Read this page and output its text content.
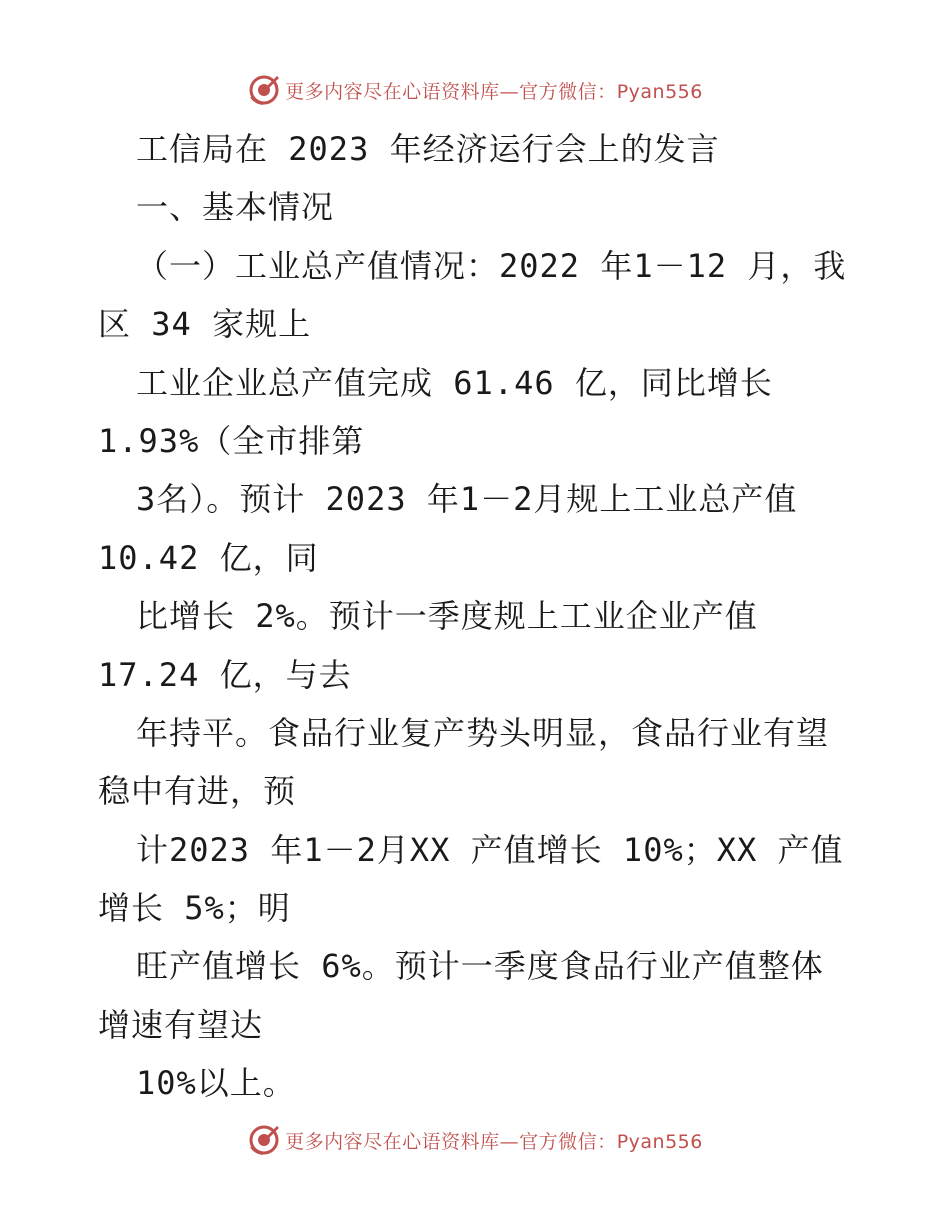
更多内容尽在心语资料库—官方微信：Pyan556
工信局在 2023 年经济运行会上的发言
一、基本情况
（一）工业总产值情况：2022 年1－12 月，我
区 34 家规上
工业企业总产值完成 61.46 亿，同比增长
1.93%（全市排第
3名）。预计 2023 年1－2月规上工业总产值
10.42 亿，同
比增长 2%。预计一季度规上工业企业产值
17.24 亿，与去
年持平。食品行业复产势头明显，食品行业有望
稳中有进，预
计2023 年1－2月XX 产值增长 10%；XX 产值
增长 5%；明
旺产值增长 6%。预计一季度食品行业产值整体
增速有望达
10%以上。
更多内容尽在心语资料库—官方微信：Pyan556
